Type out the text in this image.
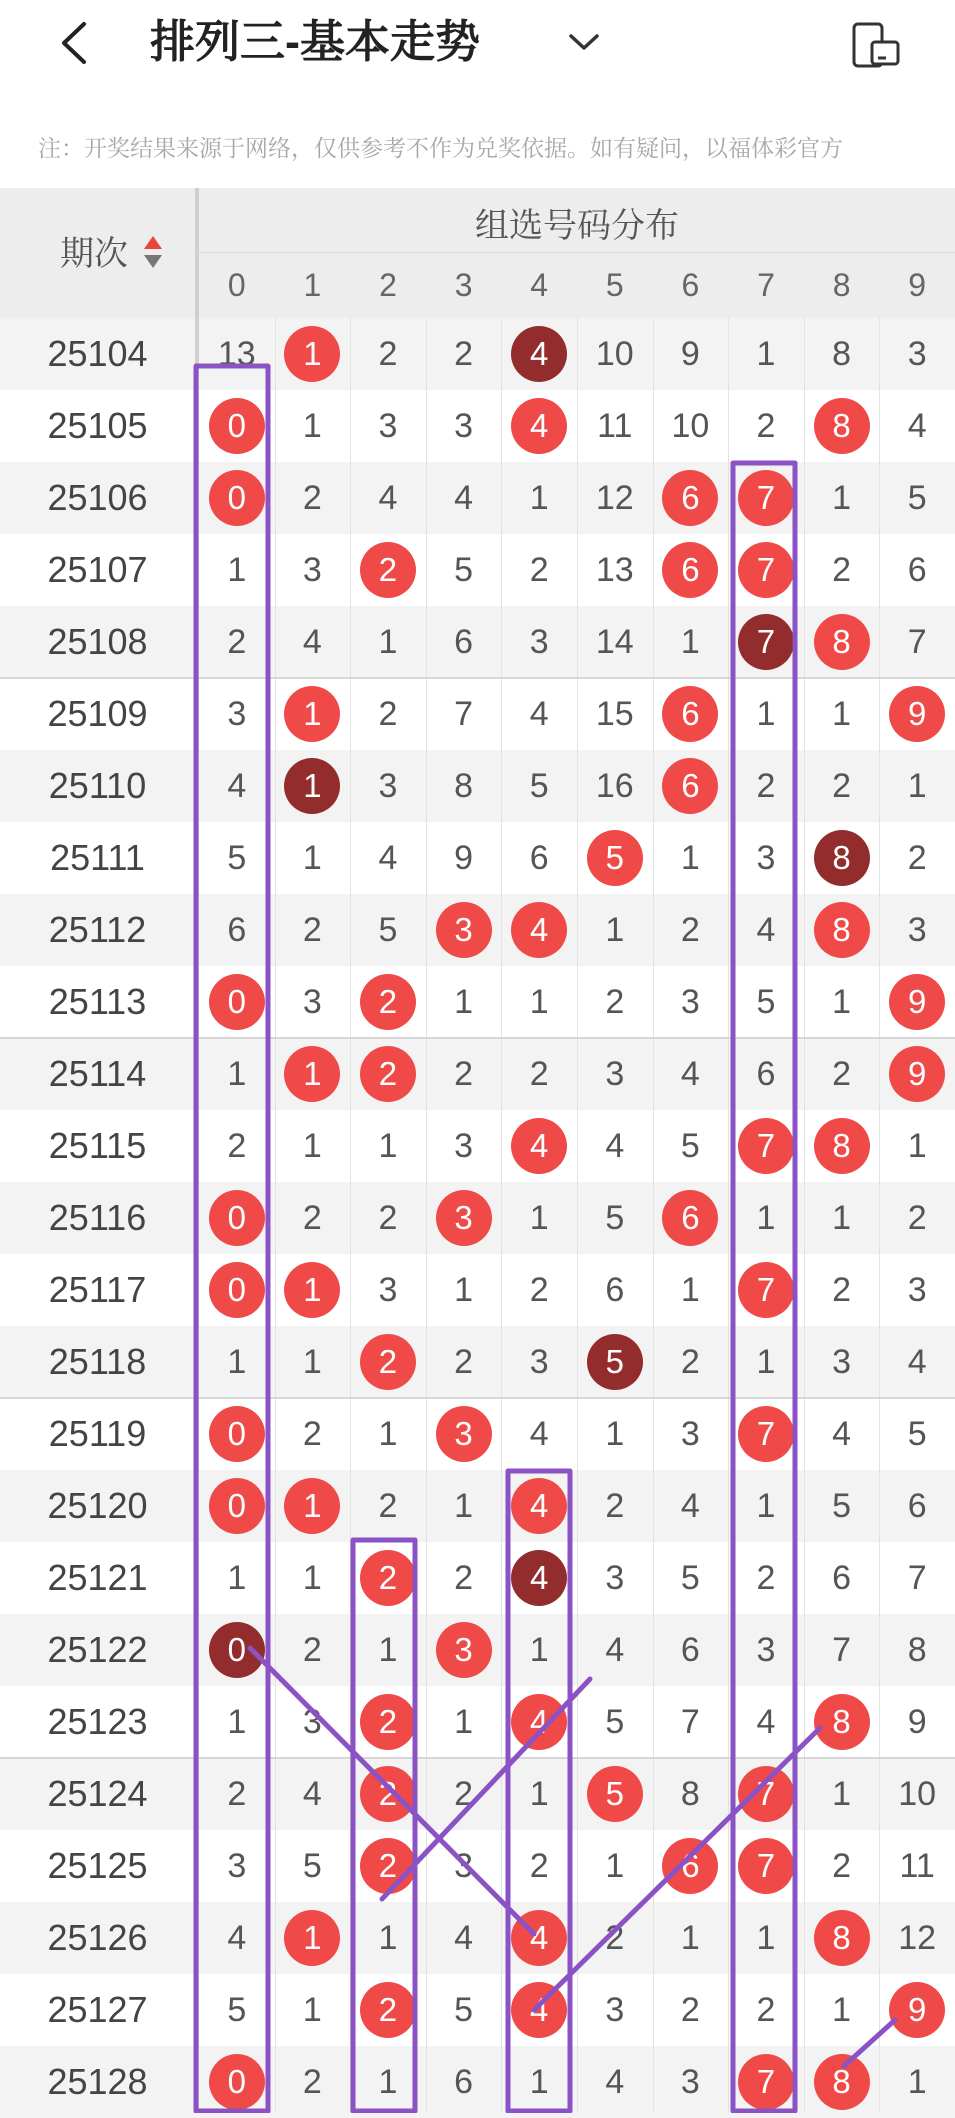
排列三-基本走势
注：开奖结果来源于网络，仅供参考不作为兑奖依据。如有疑问，以福体彩官方
期次
组选号码分布
0	1	2	3	4	5	6	7	8	9
25104	13	1	2	2	4	10	9	1	8	3
25105	0	1	3	3	4	11	10	2	8	4
25106	0	2	4	4	1	12	6	7	1	5
25107	1	3	2	5	2	13	6	7	2	6
25108	2	4	1	6	3	14	1	7	8	7
25109	3	1	2	7	4	15	6	1	1	9
25110	4	1	3	8	5	16	6	2	2	1
25111	5	1	4	9	6	5	1	3	8	2
25112	6	2	5	3	4	1	2	4	8	3
25113	0	3	2	1	1	2	3	5	1	9
25114	1	1	2	2	2	3	4	6	2	9
25115	2	1	1	3	4	4	5	7	8	1
25116	0	2	2	3	1	5	6	1	1	2
25117	0	1	3	1	2	6	1	7	2	3
25118	1	1	2	2	3	5	2	1	3	4
25119	0	2	1	3	4	1	3	7	4	5
25120	0	1	2	1	4	2	4	1	5	6
25121	1	1	2	2	4	3	5	2	6	7
25122	0	2	1	3	1	4	6	3	7	8
25123	1	3	2	1	4	5	7	4	8	9
25124	2	4	2	2	1	5	8	7	1	10
25125	3	5	2	3	2	1	6	7	2	11
25126	4	1	1	4	4	2	1	1	8	12
25127	5	1	2	5	4	3	2	2	1	9
25128	0	2	1	6	1	4	3	7	8	1
